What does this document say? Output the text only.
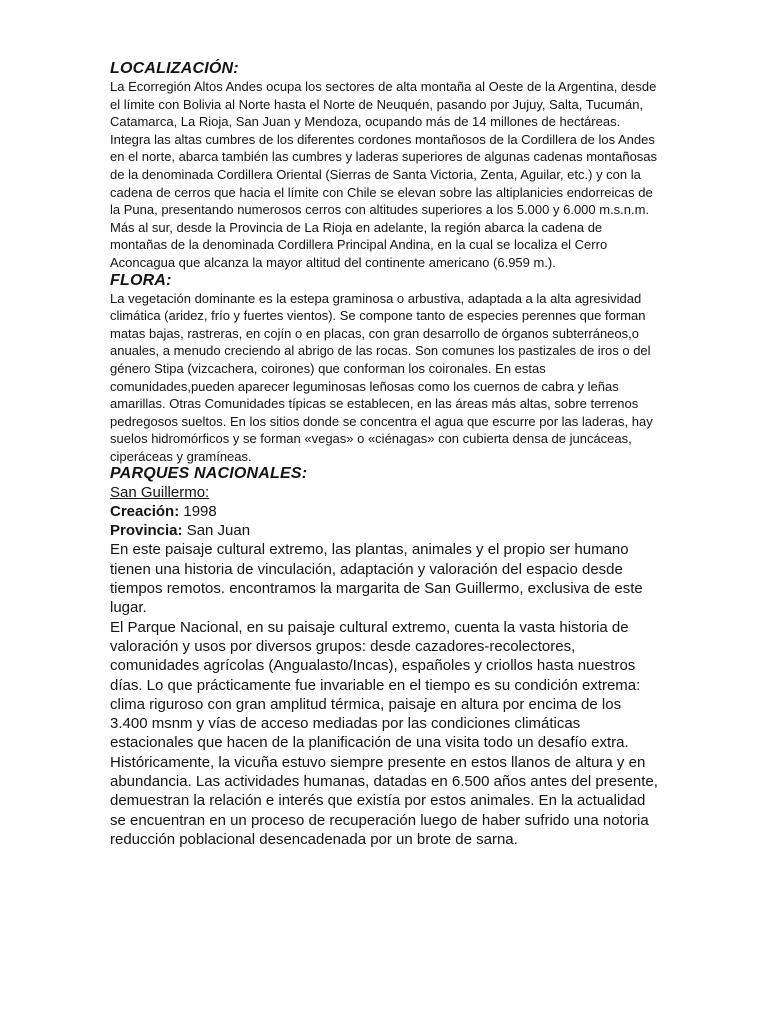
LOCALIZACIÓN:

La Ecorregión Altos Andes ocupa los sectores de alta montaña al Oeste de la Argentina, desde el límite con Bolivia al Norte hasta el Norte de Neuquén, pasando por Jujuy, Salta, Tucumán, Catamarca, La Rioja, San Juan y Mendoza, ocupando más de 14 millones de hectáreas.

Integra las altas cumbres de los diferentes cordones montañosos de la Cordillera de los Andes en el norte, abarca también las cumbres y laderas superiores de algunas cadenas montañosas de la denominada Cordillera Oriental (Sierras de Santa Victoria, Zenta, Aguilar, etc.) y con la cadena de cerros que hacia el límite con Chile se elevan sobre las altiplanicies endorreicas de la Puna, presentando numerosos cerros con altitudes superiores a los 5.000 y 6.000 m.s.n.m.

Más al sur, desde la Provincia de La Rioja en adelante, la región abarca la cadena de montañas de la denominada Cordillera Principal Andina, en la cual se localiza el Cerro Aconcagua que alcanza la mayor altitud del continente americano (6.959 m.).

FLORA:

La vegetación dominante es la estepa graminosa o arbustiva, adaptada a la alta agresividad climática (aridez, frío y fuertes vientos). Se compone tanto de especies perennes que forman matas bajas, rastreras, en cojín o en placas, con gran desarrollo de órganos subterráneos,o anuales, a menudo creciendo al abrigo de las rocas. Son comunes los pastizales de iros o del género Stipa (vizcachera, coirones) que conforman los coironales. En estas comunidades,pueden aparecer leguminosas leñosas como los cuernos de cabra y leñas amarillas. Otras Comunidades típicas se establecen, en las áreas más altas, sobre terrenos pedregosos sueltos. En los sitios donde se concentra el agua que escurre por las laderas, hay suelos hidromórficos y se forman «vegas» o «ciénagas» con cubierta densa de juncáceas, ciperáceas y gramíneas.

PARQUES NACIONALES:

San Guillermo:

Creación: 1998

Provincia: San Juan

En este paisaje cultural extremo, las plantas, animales y el propio ser humano tienen una historia de vinculación, adaptación y valoración del espacio desde tiempos remotos. encontramos la margarita de San Guillermo, exclusiva de este lugar.

El Parque Nacional, en su paisaje cultural extremo, cuenta la vasta historia de valoración y usos por diversos grupos: desde cazadores-recolectores, comunidades agrícolas (Angualasto/Incas), españoles y criollos hasta nuestros días. Lo que prácticamente fue invariable en el tiempo es su condición extrema: clima riguroso con gran amplitud térmica, paisaje en altura por encima de los 3.400 msnm y vías de acceso mediadas por las condiciones climáticas estacionales que hacen de la planificación de una visita todo un desafío extra. Históricamente, la vicuña estuvo siempre presente en estos llanos de altura y en abundancia. Las actividades humanas, datadas en 6.500 años antes del presente, demuestran la relación e interés que existía por estos animales. En la actualidad se encuentran en un proceso de recuperación luego de haber sufrido una notoria reducción poblacional desencadenada por un brote de sarna.
